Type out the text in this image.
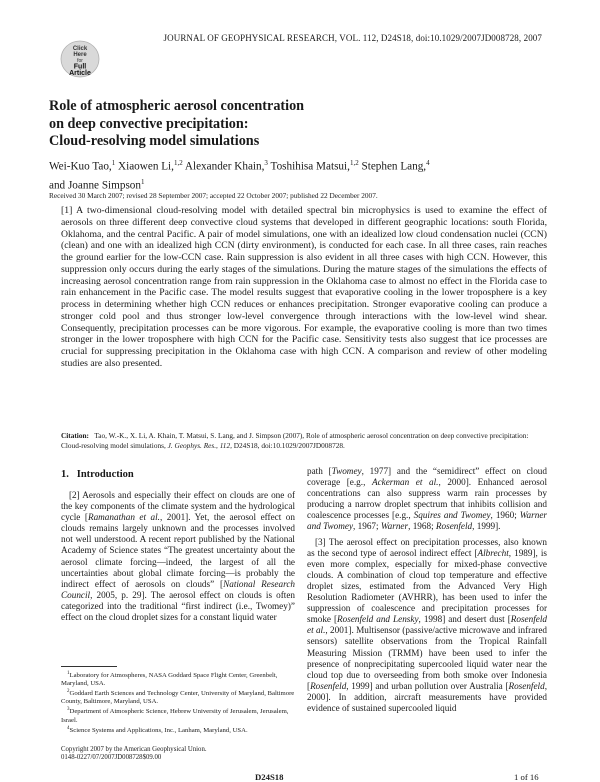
Click
Here
for
Full
Article
JOURNAL OF GEOPHYSICAL RESEARCH, VOL. 112, D24S18, doi:10.1029/2007JD008728, 2007
Role of atmospheric aerosol concentration
on deep convective precipitation:
Cloud-resolving model simulations
Wei-Kuo Tao,$^1$ Xiaowen Li,$^{1,2}$ Alexander Khain,$^3$ Toshihisa Matsui,$^{1,2}$ Stephen Lang,$^4$
and Joanne Simpson$^1$
Received 30 March 2007; revised 28 September 2007; accepted 22 October 2007; published 22 December 2007.
[1] A two-dimensional cloud-resolving model with detailed spectral bin microphysics is used to examine the effect of aerosols on three different deep convective cloud systems that developed in different geographic locations: south Florida, Oklahoma, and the central Pacific. A pair of model simulations, one with an idealized low cloud condensation nuclei (CCN) (clean) and one with an idealized high CCN (dirty environment), is conducted for each case. In all three cases, rain reaches the ground earlier for the low-CCN case. Rain suppression is also evident in all three cases with high CCN. However, this suppression only occurs during the early stages of the simulations. During the mature stages of the simulations the effects of increasing aerosol concentration range from rain suppression in the Oklahoma case to almost no effect in the Florida case to rain enhancement in the Pacific case. The model results suggest that evaporative cooling in the lower troposphere is a key process in determining whether high CCN reduces or enhances precipitation. Stronger evaporative cooling can produce a stronger cold pool and thus stronger low-level convergence through interactions with the low-level wind shear. Consequently, precipitation processes can be more vigorous. For example, the evaporative cooling is more than two times stronger in the lower troposphere with high CCN for the Pacific case. Sensitivity tests also suggest that ice processes are crucial for suppressing precipitation in the Oklahoma case with high CCN. A comparison and review of other modeling studies are also presented.
Citation: Tao, W.-K., X. Li, A. Khain, T. Matsui, S. Lang, and J. Simpson (2007), Role of atmospheric aerosol concentration on deep convective precipitation: Cloud-resolving model simulations, J. Geophys. Res., 112, D24S18, doi:10.1029/2007JD008728.
1. Introduction

[2] Aerosols and especially their effect on clouds are one of the key components of the climate system and the hydrological cycle [Ramanathan et al., 2001]. Yet, the aerosol effect on clouds remains largely unknown and the processes involved not well understood. A recent report published by the National Academy of Science states “The greatest uncertainty about the aerosol climate forcing—indeed, the largest of all the uncertainties about global climate forcing—is probably the indirect effect of aerosols on clouds” [National Research Council, 2005, p. 29]. The aerosol effect on clouds is often categorized into the traditional “first indirect (i.e., Twomey)” effect on the cloud droplet sizes for a constant liquid water

path [Twomey, 1977] and the “semidirect” effect on cloud coverage [e.g., Ackerman et al., 2000]. Enhanced aerosol concentrations can also suppress warm rain processes by producing a narrow droplet spectrum that inhibits collision and coalescence processes [e.g., Squires and Twomey, 1960; Warner and Twomey, 1967; Warner, 1968; Rosenfeld, 1999].

[3] The aerosol effect on precipitation processes, also known as the second type of aerosol indirect effect [Albrecht, 1989], is even more complex, especially for mixed-phase convective clouds. A combination of cloud top temperature and effective droplet sizes, estimated from the Advanced Very High Resolution Radiometer (AVHRR), has been used to infer the suppression of coalescence and precipitation processes for smoke [Rosenfeld and Lensky, 1998] and desert dust [Rosenfeld et al., 2001]. Multisensor (passive/active microwave and infrared sensors) satellite observations from the Tropical Rainfall Measuring Mission (TRMM) have been used to infer the presence of nonprecipitating supercooled liquid water near the cloud top due to overseeding from both smoke over Indonesia [Rosenfeld, 1999] and urban pollution over Australia [Rosenfeld, 2000]. In addition, aircraft measurements have provided evidence of sustained supercooled liquid

$^1$Laboratory for Atmospheres, NASA Goddard Space Flight Center, Greenbelt, Maryland, USA.
$^2$Goddard Earth Sciences and Technology Center, University of Maryland, Baltimore County, Baltimore, Maryland, USA.
$^3$Department of Atmospheric Science, Hebrew University of Jerusalem, Jerusalem, Israel.
$^4$Science Systems and Applications, Inc., Lanham, Maryland, USA.
Copyright 2007 by the American Geophysical Union.
0148-0227/07/2007JD008728$09.00
D24S18	1 of 16
